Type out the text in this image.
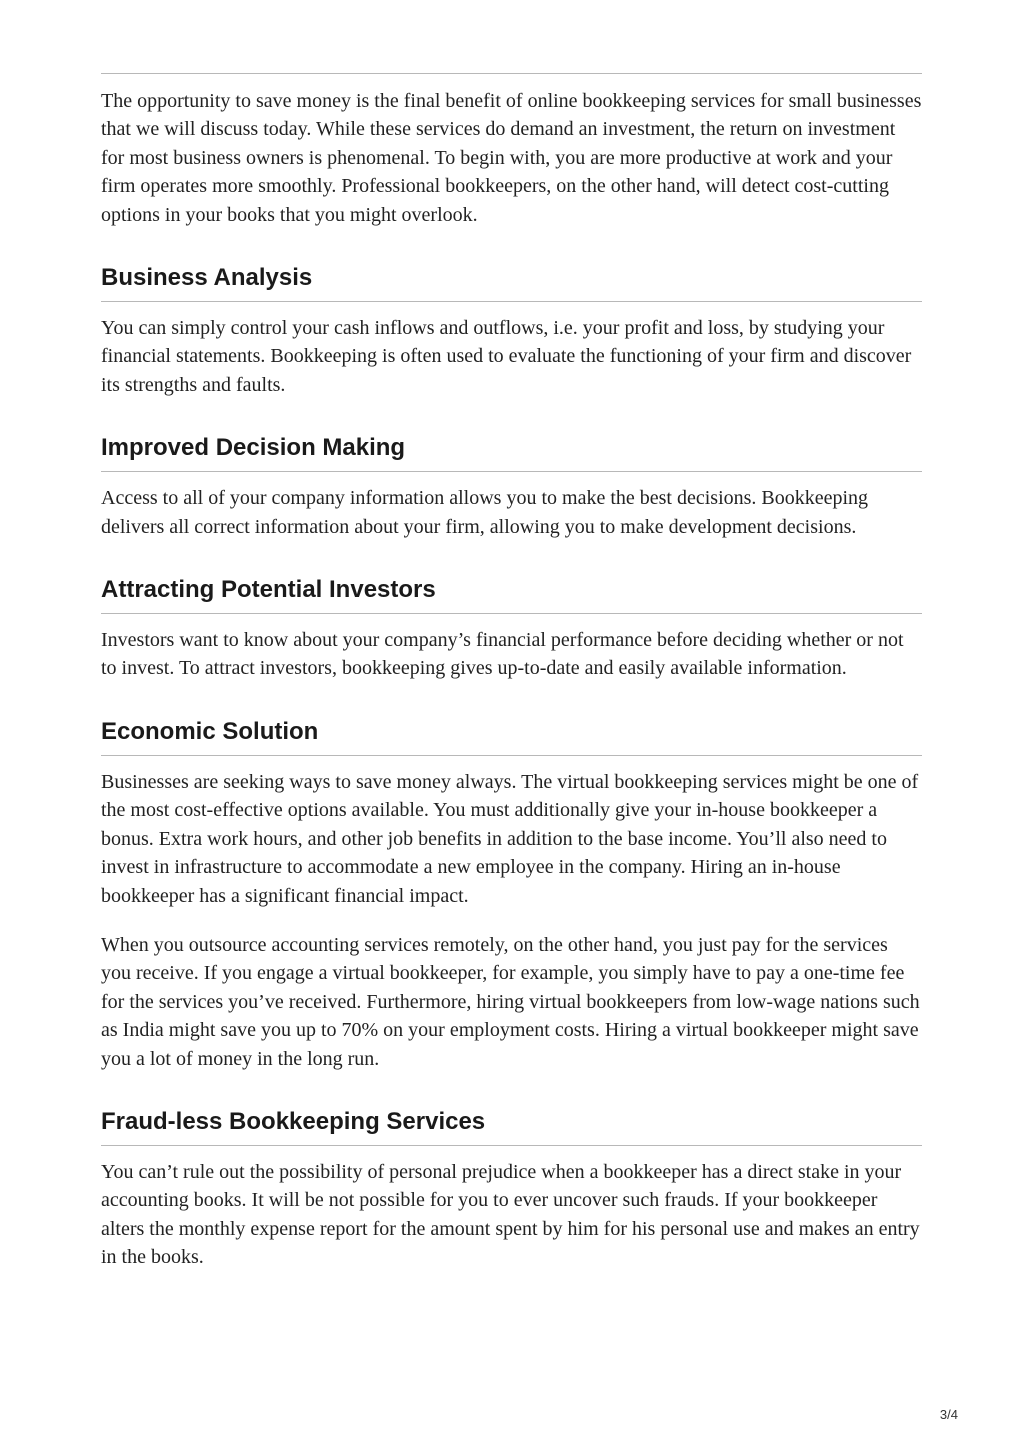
The opportunity to save money is the final benefit of online bookkeeping services for small businesses that we will discuss today. While these services do demand an investment, the return on investment for most business owners is phenomenal. To begin with, you are more productive at work and your firm operates more smoothly. Professional bookkeepers, on the other hand, will detect cost-cutting options in your books that you might overlook.

Business Analysis

You can simply control your cash inflows and outflows, i.e. your profit and loss, by studying your financial statements. Bookkeeping is often used to evaluate the functioning of your firm and discover its strengths and faults.

Improved Decision Making

Access to all of your company information allows you to make the best decisions. Bookkeeping delivers all correct information about your firm, allowing you to make development decisions.

Attracting Potential Investors

Investors want to know about your company’s financial performance before deciding whether or not to invest. To attract investors, bookkeeping gives up-to-date and easily available information.

Economic Solution

Businesses are seeking ways to save money always. The virtual bookkeeping services might be one of the most cost-effective options available. You must additionally give your in-house bookkeeper a bonus. Extra work hours, and other job benefits in addition to the base income. You’ll also need to invest in infrastructure to accommodate a new employee in the company. Hiring an in-house bookkeeper has a significant financial impact.

When you outsource accounting services remotely, on the other hand, you just pay for the services you receive. If you engage a virtual bookkeeper, for example, you simply have to pay a one-time fee for the services you’ve received. Furthermore, hiring virtual bookkeepers from low-wage nations such as India might save you up to 70% on your employment costs. Hiring a virtual bookkeeper might save you a lot of money in the long run.

Fraud-less Bookkeeping Services

You can’t rule out the possibility of personal prejudice when a bookkeeper has a direct stake in your accounting books. It will be not possible for you to ever uncover such frauds. If your bookkeeper alters the monthly expense report for the amount spent by him for his personal use and makes an entry in the books.

3/4
